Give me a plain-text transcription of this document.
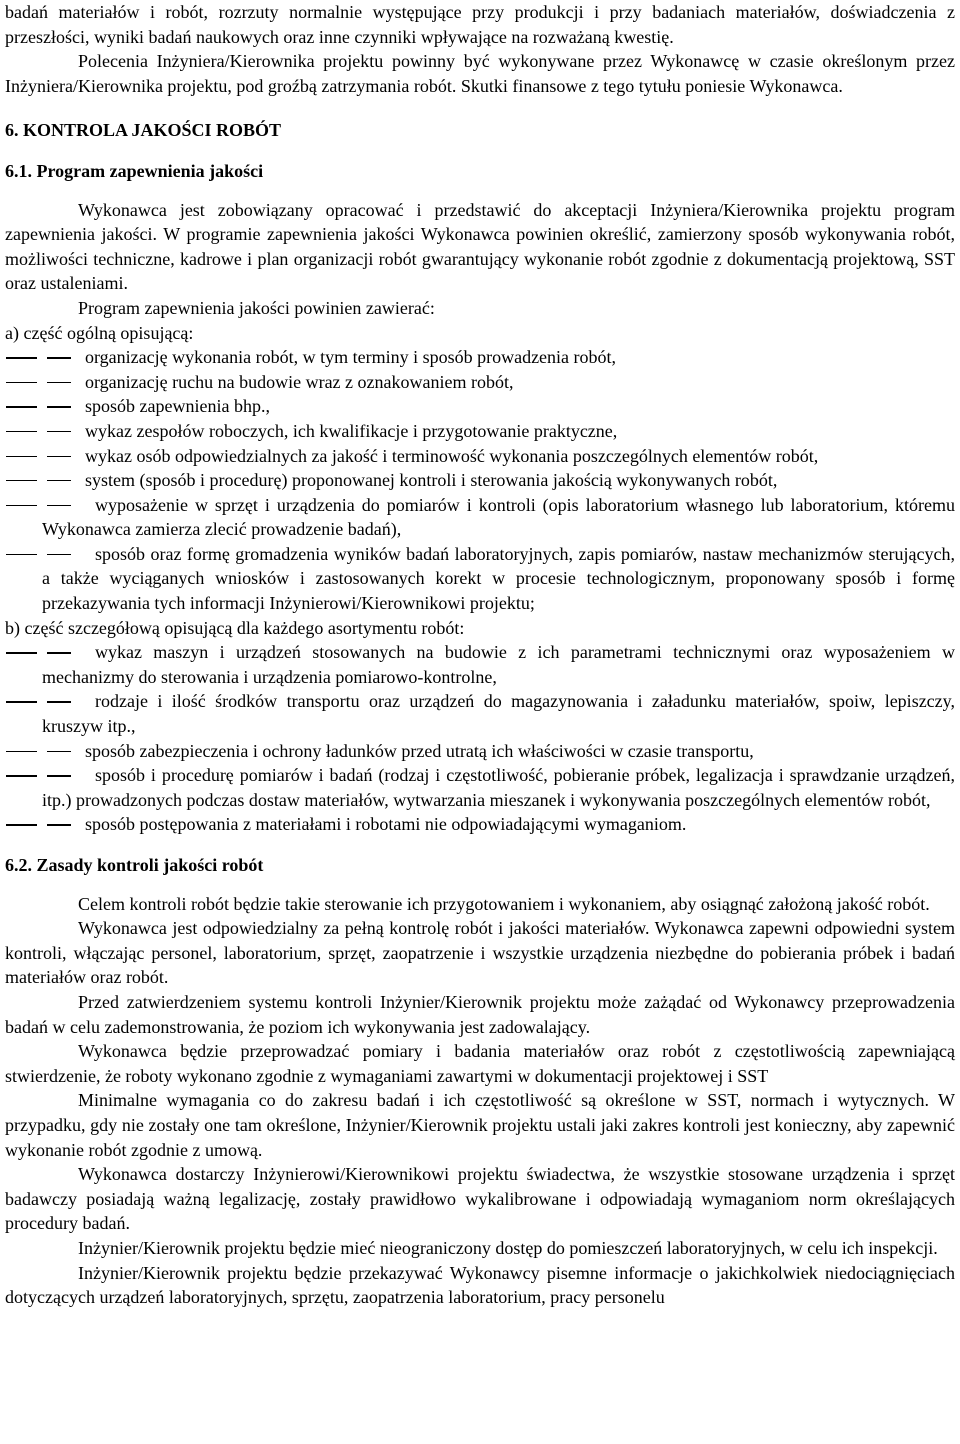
badań materiałów i robót, rozrzuty normalnie występujące przy produkcji i przy badaniach materiałów, doświadczenia z przeszłości, wyniki badań naukowych oraz inne czynniki wpływające na rozważaną kwestię.

Polecenia Inżyniera/Kierownika projektu powinny być wykonywane przez Wykonawcę w czasie określonym przez Inżyniera/Kierownika projektu, pod groźbą zatrzymania robót. Skutki finansowe z tego tytułu poniesie Wykonawca.

6. KONTROLA JAKOŚCI ROBÓT
6.1. Program zapewnienia jakości

Wykonawca jest zobowiązany opracować i przedstawić do akceptacji Inżyniera/Kierownika projektu program zapewnienia jakości. W programie zapewnienia jakości Wykonawca powinien określić, zamierzony sposób wykonywania robót, możliwości techniczne, kadrowe i plan organizacji robót gwarantujący wykonanie robót zgodnie z dokumentacją projektową, SST oraz ustaleniami.

Program zapewnienia jakości powinien zawierać:

a) część ogólną opisującą:

organizację wykonania robót, w tym terminy i sposób prowadzenia robót,
organizację ruchu na budowie wraz z oznakowaniem robót,
sposób zapewnienia bhp.,
wykaz zespołów roboczych, ich kwalifikacje i przygotowanie praktyczne,
wykaz osób odpowiedzialnych za jakość i terminowość wykonania poszczególnych elementów robót,
system (sposób i procedurę) proponowanej kontroli i sterowania jakością wykonywanych robót,
wyposażenie w sprzęt i urządzenia do pomiarów i kontroli (opis laboratorium własnego lub laboratorium, któremu Wykonawca zamierza zlecić prowadzenie badań),
sposób oraz formę gromadzenia wyników badań laboratoryjnych, zapis pomiarów, nastaw mechanizmów sterujących, a także wyciąganych wniosków i zastosowanych korekt w procesie technologicznym, proponowany sposób i formę przekazywania tych informacji Inżynierowi/Kierownikowi projektu;

b) część szczegółową opisującą dla każdego asortymentu robót:

wykaz maszyn i urządzeń stosowanych na budowie z ich parametrami technicznymi oraz wyposażeniem w mechanizmy do sterowania i urządzenia pomiarowo-kontrolne,
rodzaje i ilość środków transportu oraz urządzeń do magazynowania i załadunku materiałów, spoiw, lepiszczy, kruszyw itp.,
sposób zabezpieczenia i ochrony ładunków przed utratą ich właściwości w czasie transportu,
sposób i procedurę pomiarów i badań (rodzaj i częstotliwość, pobieranie próbek, legalizacja i sprawdzanie urządzeń, itp.) prowadzonych podczas dostaw materiałów, wytwarzania mieszanek i wykonywania poszczególnych elementów robót,
sposób postępowania z materiałami i robotami nie odpowiadającymi wymaganiom.
6.2. Zasady kontroli jakości robót

Celem kontroli robót będzie takie sterowanie ich przygotowaniem i wykonaniem, aby osiągnąć założoną jakość robót.

Wykonawca jest odpowiedzialny za pełną kontrolę robót i jakości materiałów. Wykonawca zapewni odpowiedni system kontroli, włączając personel, laboratorium, sprzęt, zaopatrzenie i wszystkie urządzenia niezbędne do pobierania próbek i badań materiałów oraz robót.

Przed zatwierdzeniem systemu kontroli Inżynier/Kierownik projektu może zażądać od Wykonawcy przeprowadzenia badań w celu zademonstrowania, że poziom ich wykonywania jest zadowalający.

Wykonawca będzie przeprowadzać pomiary i badania materiałów oraz robót z częstotliwością zapewniającą stwierdzenie, że roboty wykonano zgodnie z wymaganiami zawartymi w dokumentacji projektowej i SST

Minimalne wymagania co do zakresu badań i ich częstotliwość są określone w SST, normach i wytycznych. W przypadku, gdy nie zostały one tam określone, Inżynier/Kierownik projektu ustali jaki zakres kontroli jest konieczny, aby zapewnić wykonanie robót zgodnie z umową.

Wykonawca dostarczy Inżynierowi/Kierownikowi projektu świadectwa, że wszystkie stosowane urządzenia i sprzęt badawczy posiadają ważną legalizację, zostały prawidłowo wykalibrowane i odpowiadają wymaganiom norm określających procedury badań.

Inżynier/Kierownik projektu będzie mieć nieograniczony dostęp do pomieszczeń laboratoryjnych, w celu ich inspekcji.

Inżynier/Kierownik projektu będzie przekazywać Wykonawcy pisemne informacje o jakichkolwiek niedociągnięciach dotyczących urządzeń laboratoryjnych, sprzętu, zaopatrzenia laboratorium, pracy personelu
